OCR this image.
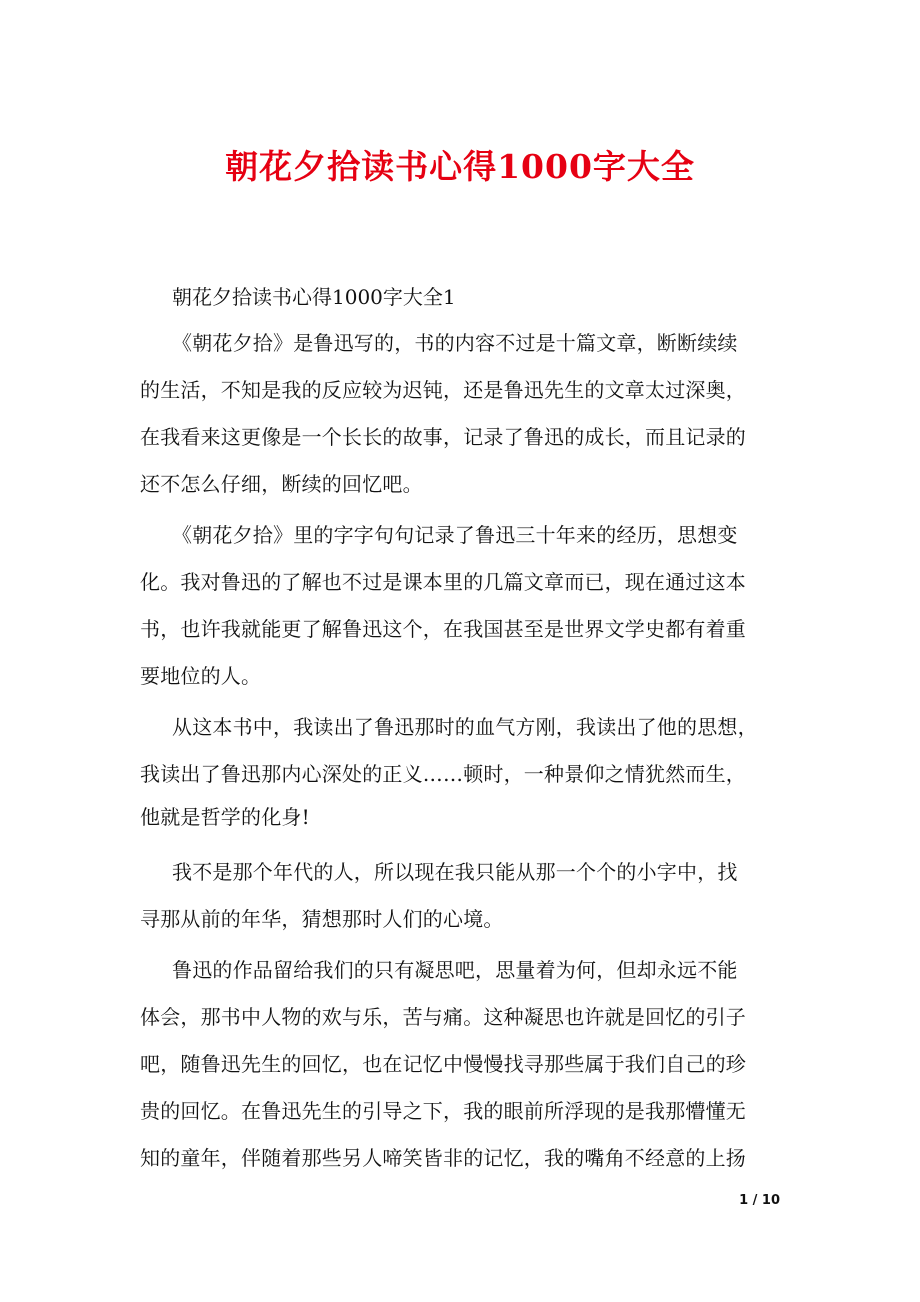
朝花夕拾读书心得1000字大全
朝花夕拾读书心得1000字大全1
《朝花夕拾》是鲁迅写的，书的内容不过是十篇文章，断断续续
的生活，不知是我的反应较为迟钝，还是鲁迅先生的文章太过深奥，
在我看来这更像是一个长长的故事，记录了鲁迅的成长，而且记录的
还不怎么仔细，断续的回忆吧。
《朝花夕拾》里的字字句句记录了鲁迅三十年来的经历，思想变
化。我对鲁迅的了解也不过是课本里的几篇文章而已，现在通过这本
书，也许我就能更了解鲁迅这个，在我国甚至是世界文学史都有着重
要地位的人。
从这本书中，我读出了鲁迅那时的血气方刚，我读出了他的思想，
我读出了鲁迅那内心深处的正义……顿时，一种景仰之情犹然而生，
他就是哲学的化身!
我不是那个年代的人，所以现在我只能从那一个个的小字中，找
寻那从前的年华，猜想那时人们的心境。
鲁迅的作品留给我们的只有凝思吧，思量着为何，但却永远不能
体会，那书中人物的欢与乐，苦与痛。这种凝思也许就是回忆的引子
吧，随鲁迅先生的回忆，也在记忆中慢慢找寻那些属于我们自己的珍
贵的回忆。在鲁迅先生的引导之下，我的眼前所浮现的是我那懵懂无
知的童年，伴随着那些另人啼笑皆非的记忆，我的嘴角不经意的上扬
1 / 10
